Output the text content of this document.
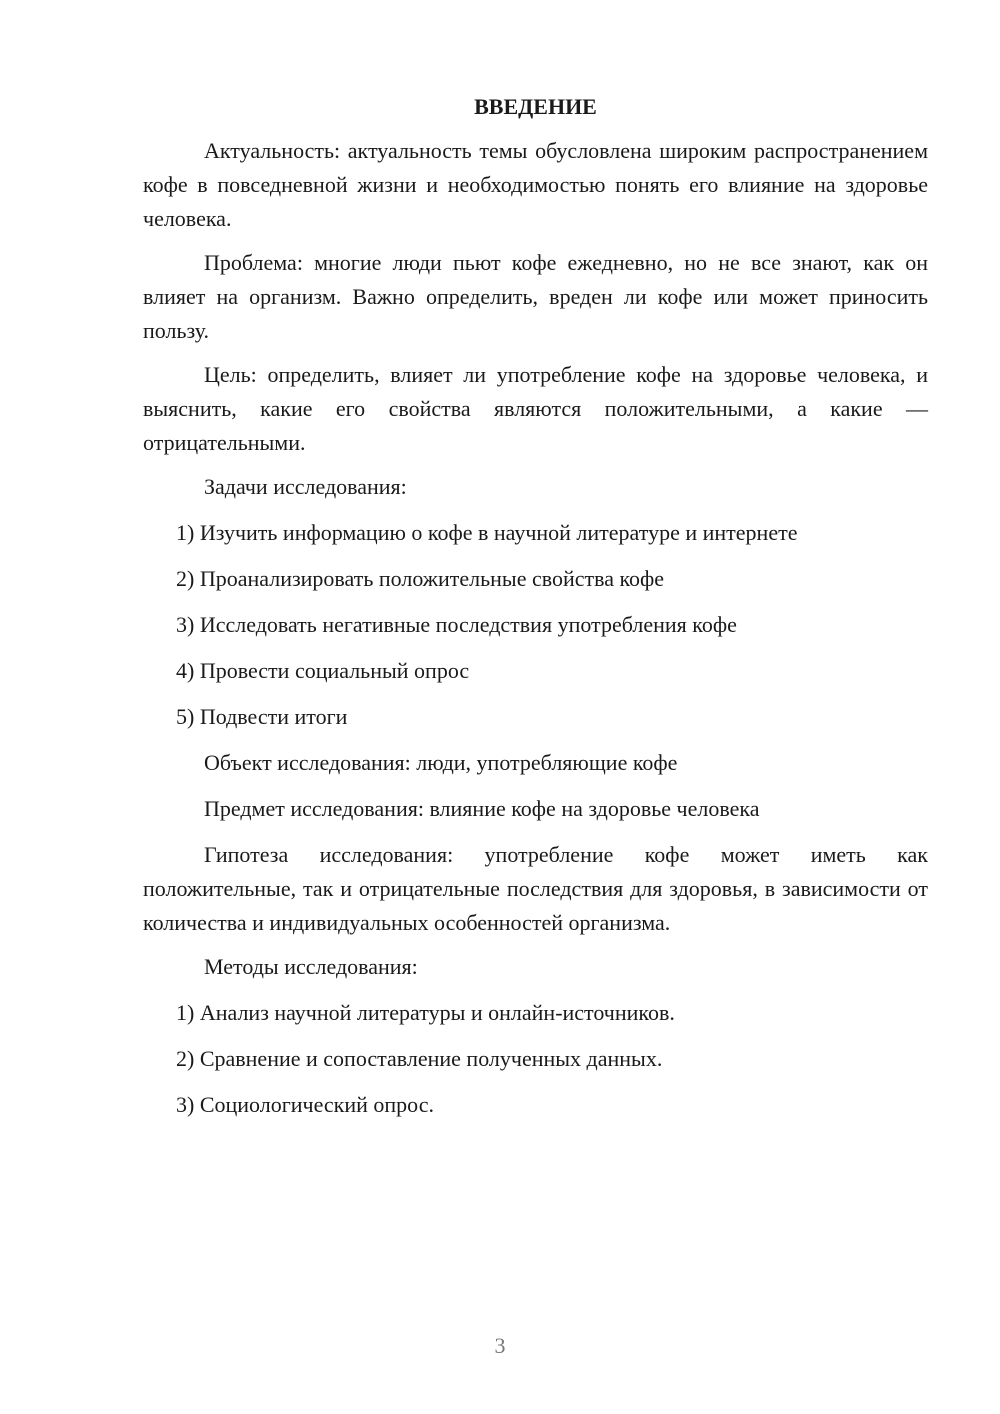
ВВЕДЕНИЕ
Актуальность: актуальность темы обусловлена широким распространением кофе в повседневной жизни и необходимостью понять его влияние на здоровье человека.
Проблема: многие люди пьют кофе ежедневно, но не все знают, как он влияет на организм. Важно определить, вреден ли кофе или может приносить пользу.
Цель: определить, влияет ли употребление кофе на здоровье человека, и выяснить, какие его свойства являются положительными, а какие — отрицательными.
Задачи исследования:
1) Изучить информацию о кофе в научной литературе и интернете
2) Проанализировать положительные свойства кофе
3) Исследовать негативные последствия употребления кофе
4) Провести социальный опрос
5) Подвести итоги
Объект исследования: люди, употребляющие кофе
Предмет исследования: влияние кофе на здоровье человека
Гипотеза исследования: употребление кофе может иметь как положительные, так и отрицательные последствия для здоровья, в зависимости от количества и индивидуальных особенностей организма.
Методы исследования:
1) Анализ научной литературы и онлайн-источников.
2) Сравнение и сопоставление полученных данных.
3) Социологический опрос.
3
